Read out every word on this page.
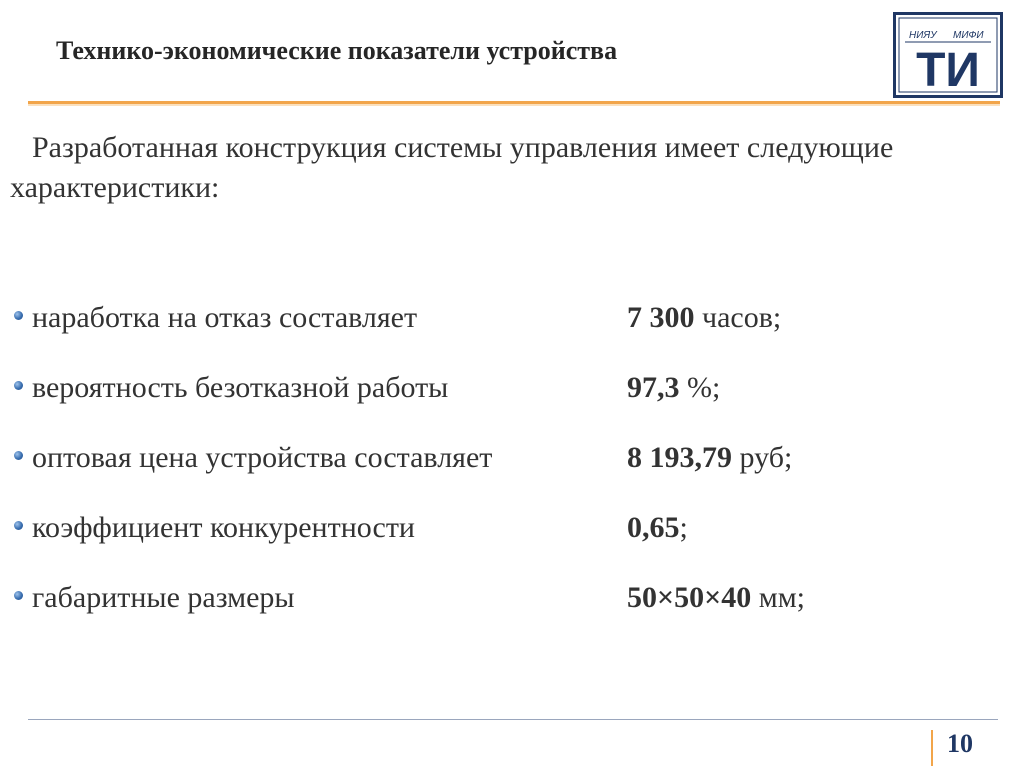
Технико-экономические показатели устройства
НИЯУ МИФИ
ТИ
Разработанная конструкция системы управления имеет следующие характеристики:
наработка на отказ составляет	7 300 часов;
вероятность безотказной работы	97,3 %;
оптовая цена устройства составляет	8 193,79 руб;
коэффициент конкурентности	0,65;
габаритные размеры	50×50×40 мм;
10
